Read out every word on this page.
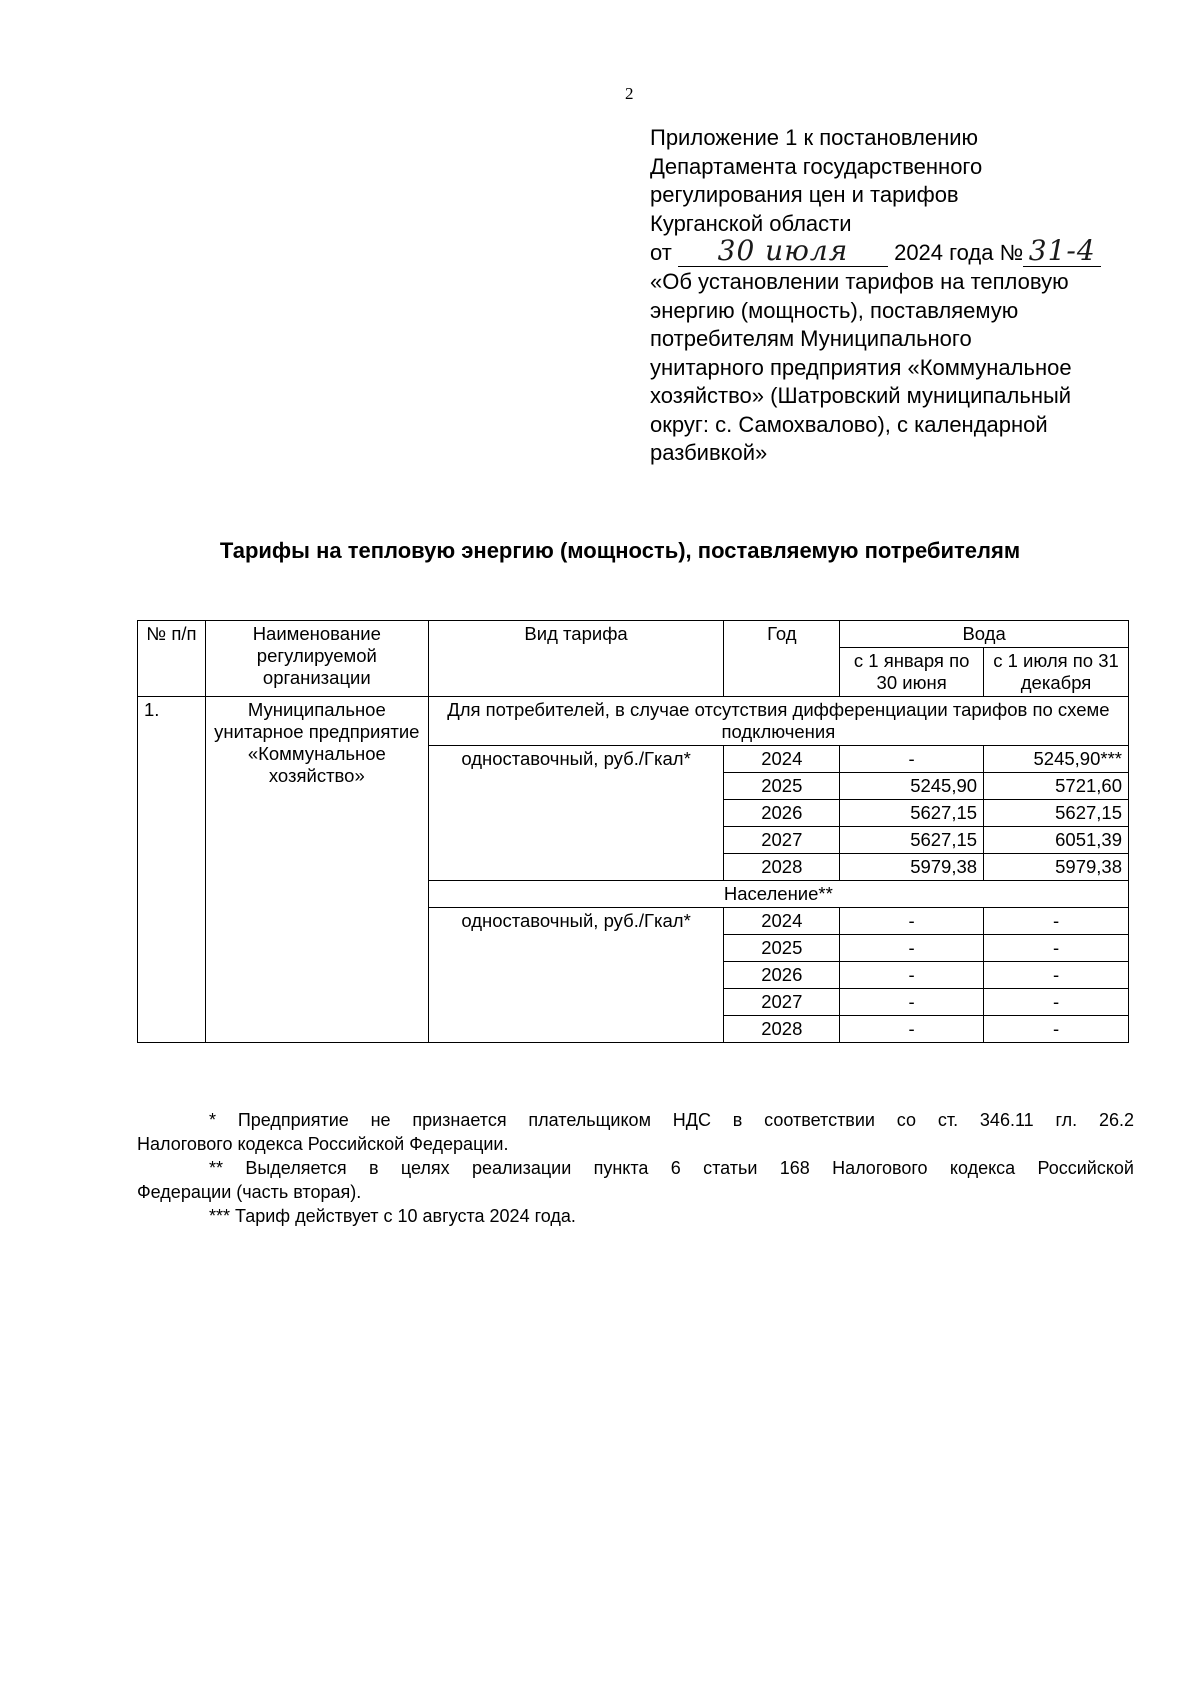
2
Приложение 1 к постановлению
Департамента государственного
регулирования цен и тарифов
Курганской области
от 30 июля 2024 года № 31-4
«Об установлении тарифов на тепловую
энергию (мощность), поставляемую
потребителям Муниципального
унитарного предприятия «Коммунальное
хозяйство» (Шатровский муниципальный
округ: с. Самохвалово), с календарной
разбивкой»
Тарифы на тепловую энергию (мощность), поставляемую потребителям
№ п/п	Наименование регулируемой организации	Вид тарифа	Год	Вода	
				с 1 января по 30 июня	с 1 июля по 31 декабря
1.	Муниципальное унитарное предприятие «Коммунальное хозяйство»	Для потребителей, в случае отсутствия дифференциации тарифов по схеме подключения			
		одноставочный, руб./Гкал*	2024	-	5245,90***
			2025	5245,90	5721,60
			2026	5627,15	5627,15
			2027	5627,15	6051,39
			2028	5979,38	5979,38
		Население**			
		одноставочный, руб./Гкал*	2024	-	-
			2025	-	-
			2026	-	-
			2027	-	-
			2028	-	-

* Предприятие не признается плательщиком НДС в соответствии со ст. 346.11 гл. 26.2

Налогового кодекса Российской Федерации.

** Выделяется в целях реализации пункта 6 статьи 168 Налогового кодекса Российской

Федерации (часть вторая).

*** Тариф действует с 10 августа 2024 года.
